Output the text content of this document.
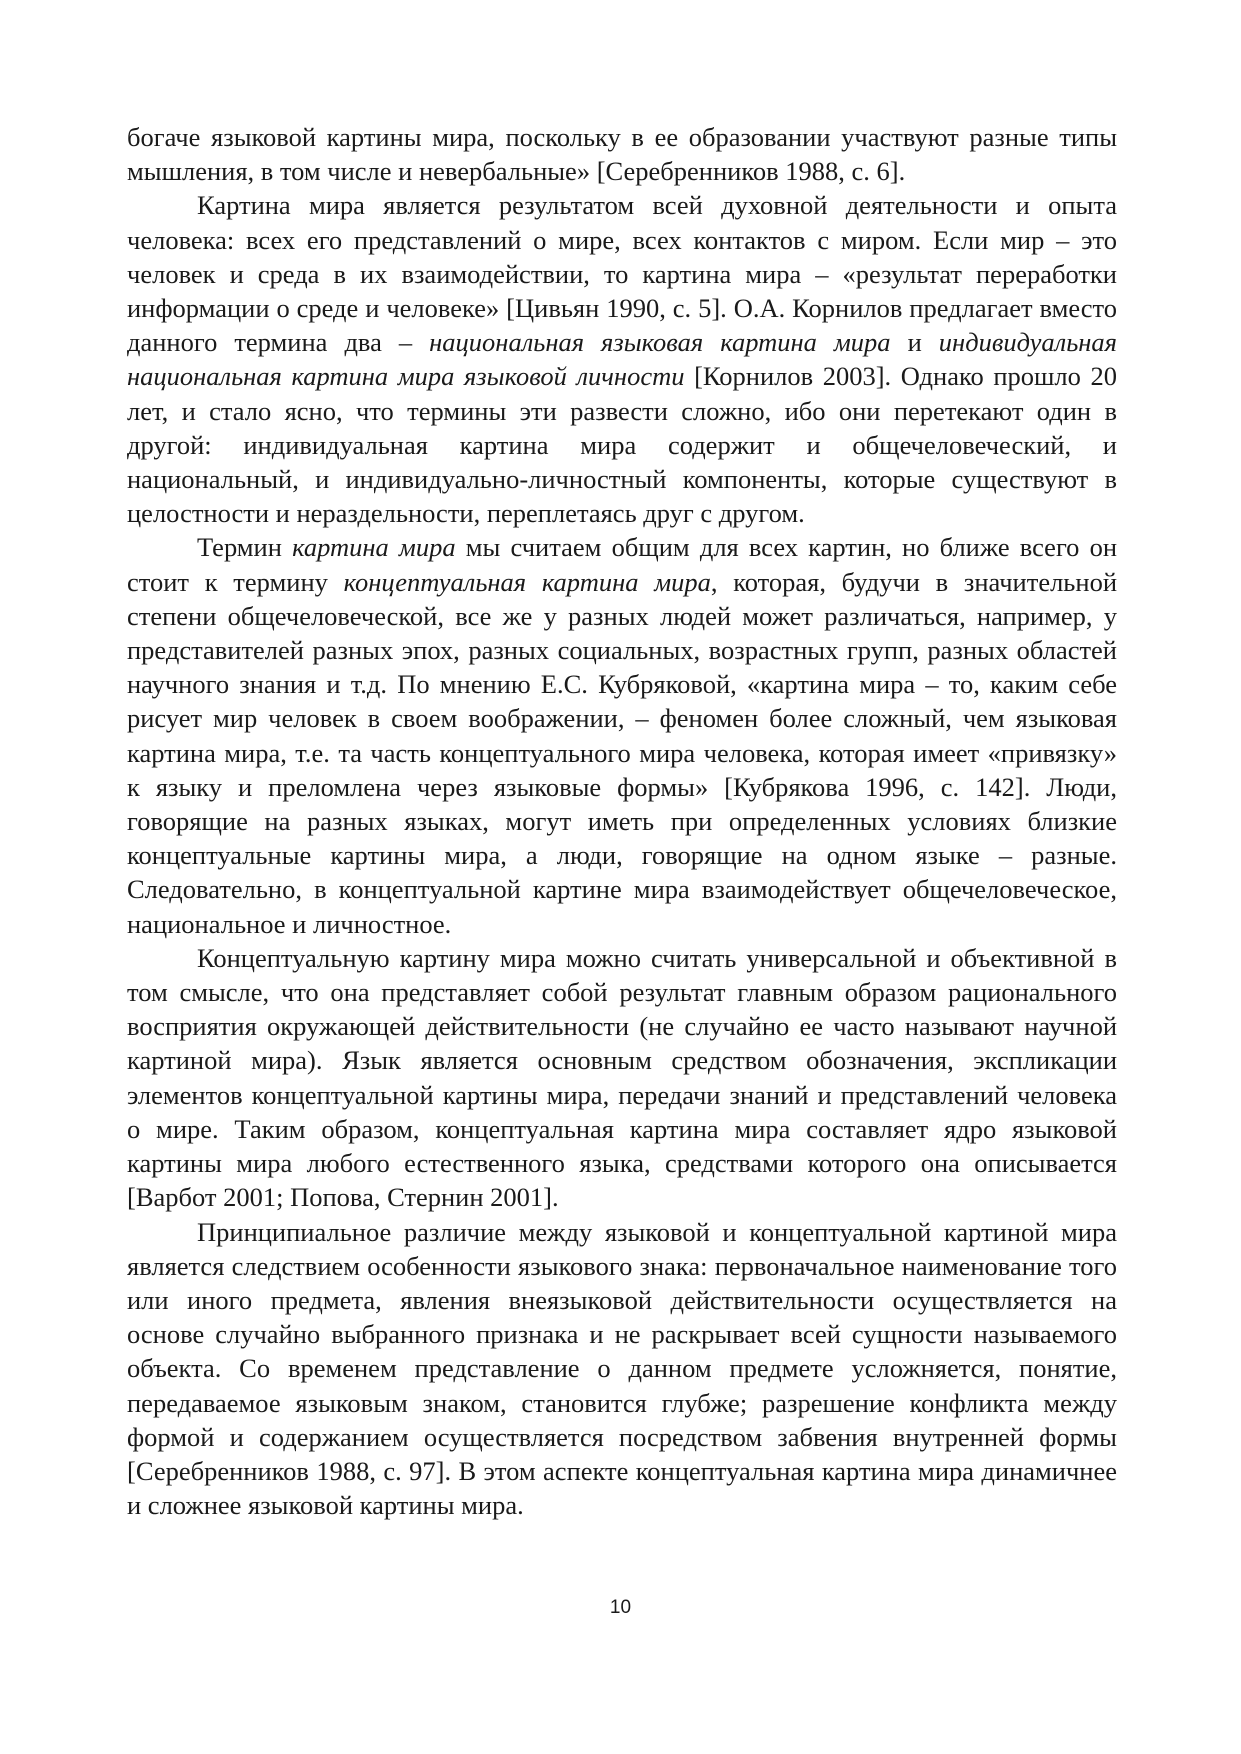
богаче языковой картины мира, поскольку в ее образовании участвуют разные типы мышления, в том числе и невербальные» [Серебренников 1988, с. 6].

Картина мира является результатом всей духовной деятельности и опыта человека: всех его представлений о мире, всех контактов с миром. Если мир – это человек и среда в их взаимодействии, то картина мира – «результат переработки информации о среде и человеке» [Цивьян 1990, с. 5]. О.А. Корнилов предлагает вместо данного термина два – национальная языковая картина мира и индивидуальная национальная картина мира языковой личности [Корнилов 2003]. Однако прошло 20 лет, и стало ясно, что термины эти развести сложно, ибо они перетекают один в другой: индивидуальная картина мира содержит и общечеловеческий, и национальный, и индивидуально-личностный компоненты, которые существуют в целостности и нераздельности, переплетаясь друг с другом.

Термин картина мира мы считаем общим для всех картин, но ближе всего он стоит к термину концептуальная картина мира, которая, будучи в значительной степени общечеловеческой, все же у разных людей может различаться, например, у представителей разных эпох, разных социальных, возрастных групп, разных областей научного знания и т.д. По мнению Е.С. Кубряковой, «картина мира – то, каким себе рисует мир человек в своем воображении, – феномен более сложный, чем языковая картина мира, т.е. та часть концептуального мира человека, которая имеет «привязку» к языку и преломлена через языковые формы» [Кубрякова 1996, с. 142]. Люди, говорящие на разных языках, могут иметь при определенных условиях близкие концептуальные картины мира, а люди, говорящие на одном языке – разные. Следовательно, в концептуальной картине мира взаимодействует общечеловеческое, национальное и личностное.

Концептуальную картину мира можно считать универсальной и объективной в том смысле, что она представляет собой результат главным образом рационального восприятия окружающей действительности (не случайно ее часто называют научной картиной мира). Язык является основным средством обозначения, экспликации элементов концептуальной картины мира, передачи знаний и представлений человека о мире. Таким образом, концептуальная картина мира составляет ядро языковой картины мира любого естественного языка, средствами которого она описывается [Варбот 2001; Попова, Стернин 2001].

Принципиальное различие между языковой и концептуальной картиной мира является следствием особенности языкового знака: первоначальное наименование того или иного предмета, явления внеязыковой действительности осуществляется на основе случайно выбранного признака и не раскрывает всей сущности называемого объекта. Со временем представление о данном предмете усложняется, понятие, передаваемое языковым знаком, становится глубже; разрешение конфликта между формой и содержанием осуществляется посредством забвения внутренней формы [Серебренников 1988, с. 97]. В этом аспекте концептуальная картина мира динамичнее и сложнее языковой картины мира.

10
